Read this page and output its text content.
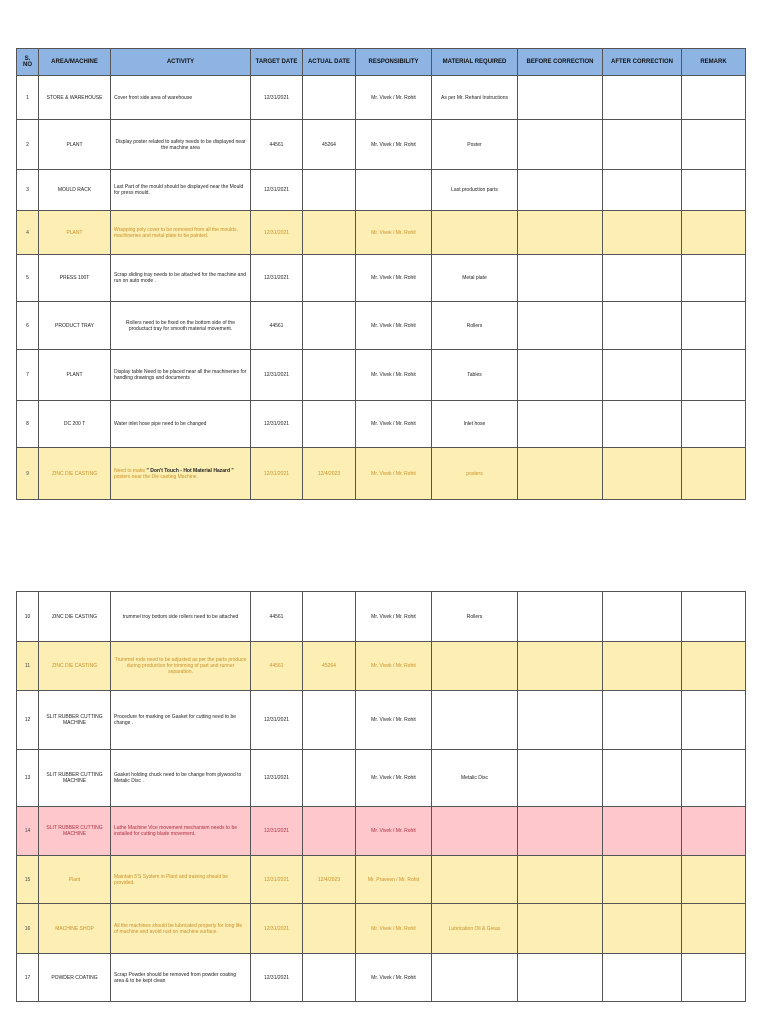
S. NO	AREA/MACHINE	ACTIVITY	TARGET DATE	ACTUAL DATE	RESPONSIBILITY	MATERIAL REQUIRED	BEFORE CORRECTION	AFTER CORRECTION	REMARK
1	STORE & WAREHOUSE	Cover front side area of warehouse	12/31/2021		Mr. Vivek / Mr. Rohit	As per Mr. Rehani Instructions			
2	PLANT	Display poster related to safety needs to be displayed near the machine area	44561	45264	Mr. Vivek / Mr. Rohit	Poster			
3	MOULD RACK	Last Part of the mould should be displayed near the Mould for press mould.	12/31/2021			Last production parts			
4	PLANT	Wrapping poly cover to be removed from all the moulds, machineries and metal plate to be painted.	12/31/2021		Mr. Vivek / Mr. Rohit				
5	PRESS 100T	Scrap sliding tray needs to be attached for the machine and run on auto mode .	12/31/2021		Mr. Vivek / Mr. Rohit	Metal plate			
6	PRODUCT TRAY	Rollers need to be fixed on the bottom side of the productuct tray for smooth material movement.	44561		Mr. Vivek / Mr. Rohit	Rollers			
7	PLANT	Display table Need to be placed near all the machineries for handling drawings and documents	12/31/2021		Mr. Vivek / Mr. Rohit	Tables			
8	DC 200 T	Water inlet hose pipe need to be changed	12/31/2021		Mr. Vivek / Mr. Rohit	Inlet hose			
9	ZINC DIE CASTING	Need to make " Don't Touch - Hot Material Hazard " posters near the Die casting Machine.	12/31/2021	12/4/2023	Mr. Vivek / Mr. Rohit	posters			
10	ZINC DIE CASTING	trummel troy bottom side rollers need to be attached	44561		Mr. Vivek / Mr. Rohit	Rollers			
11	ZINC DIE CASTING	Trummel rods need to be adjusted as per the parts produce during production for trimming of part and runner separation.	44561	45264	Mr. Vivek / Mr. Rohit				
12	SLIT RUBBER CUTTING MACHINE	Procedure for marking on Gasket for cutting need to be change .	12/31/2021		Mr. Vivek / Mr. Rohit				
13	SLIT RUBBER CUTTING MACHINE	Gasket holding chuck need to be change from plywood to Metalic Disc .	12/31/2021		Mr. Vivek / Mr. Rohit	Metalic Disc			
14	SLIT RUBBER CUTTING MACHINE	Lathe Machine Vice movement mechanism needs to be installed for cutting blade movement.	12/31/2021		Mr. Vivek / Mr. Rohit				
15	Plant	Maintain 5'S System in Plant and training should be provided.	12/31/2021	12/4/2023	Mr. Praveen / Mr. Rohit				
16	MACHINE SHOP	All the machines should be lubricated properly for long life of machine and avoid rust on machine surface.	12/31/2021		Mr. Vivek / Mr. Rohit	Lubrication Oil & Greas			
17	POWDER COATING	Scrap Powder should be removed from powder coating area & to be kept clean	12/31/2021		Mr. Vivek / Mr. Rohit				
